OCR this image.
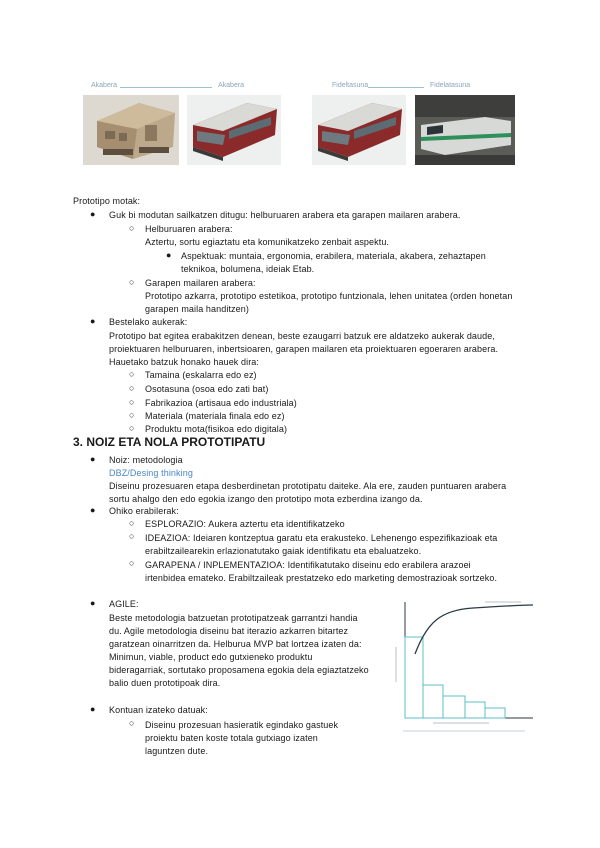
Akabera	Akabera	Fideltasuna	Fidelatasuna
Prototipo motak:
● Guk bi modutan sailkatzen ditugu: helburuaren arabera eta garapen mailaren arabera.
○ Helburuaren arabera:
Aztertu, sortu egiaztatu eta komunikatzeko zenbait aspektu.
● Aspektuak: muntaia, ergonomia, erabilera, materiala, akabera, zehaztapen teknikoa, bolumena, ideiak Etab.
○ Garapen mailaren arabera:
Prototipo azkarra, prototipo estetikoa, prototipo funtzionala, lehen unitatea (orden honetan garapen maila handitzen)
● Bestelako aukerak:
Prototipo bat egitea erabakitzen denean, beste ezaugarri batzuk ere aldatzeko aukerak daude, proiektuaren helburuaren, inbertsioaren, garapen mailaren eta proiektuaren egoeraren arabera. Hauetako batzuk honako hauek dira:
○ Tamaina (eskalarra edo ez)
○ Osotasuna (osoa edo zati bat)
○ Fabrikazioa (artisaua edo industriala)
○ Materiala (materiala finala edo ez)
○ Produktu mota(fisikoa edo digitala)
3. NOIZ ETA NOLA PROTOTIPATU
● Noiz: metodologia
DBZ/Desing thinking
Diseinu prozesuaren etapa desberdinetan prototipatu daiteke. Ala ere, zauden puntuaren arabera sortu ahalgo den edo egokia izango den prototipo mota ezberdina izango da.
● Ohiko erabilerak:
○ ESPLORAZIO: Aukera aztertu eta identifikatzeko
○ IDEAZIOA: Ideiaren kontzeptua garatu eta erakusteko. Lehenengo espezifikazioak eta erabiltzailearekin erlazionatutako gaiak identifikatu eta ebaluatzeko.
○ GARAPENA / INPLEMENTAZIOA: Identifikatutako diseinu edo erabilera arazoei irtenbidea emateko. Erabiltzaileak prestatzeko edo marketing demostrazioak sortzeko.
● AGILE:
Beste metodologia batzuetan prototipatzeak garrantzi handia du. Agile metodologia diseinu bat iterazio azkarren bitartez garatzean oinarritzen da. Helburua MVP bat lortzea izaten da: Minimun, viable, product edo gutxieneko produktu bideragarriak, sortutako proposamena egokia dela egiaztatzeko balio duen prototipoak dira.
● Kontuan izateko datuak:
○ Diseinu prozesuan hasieratik egindako gastuek proiektu baten koste totala gutxiago izaten laguntzen dute.
